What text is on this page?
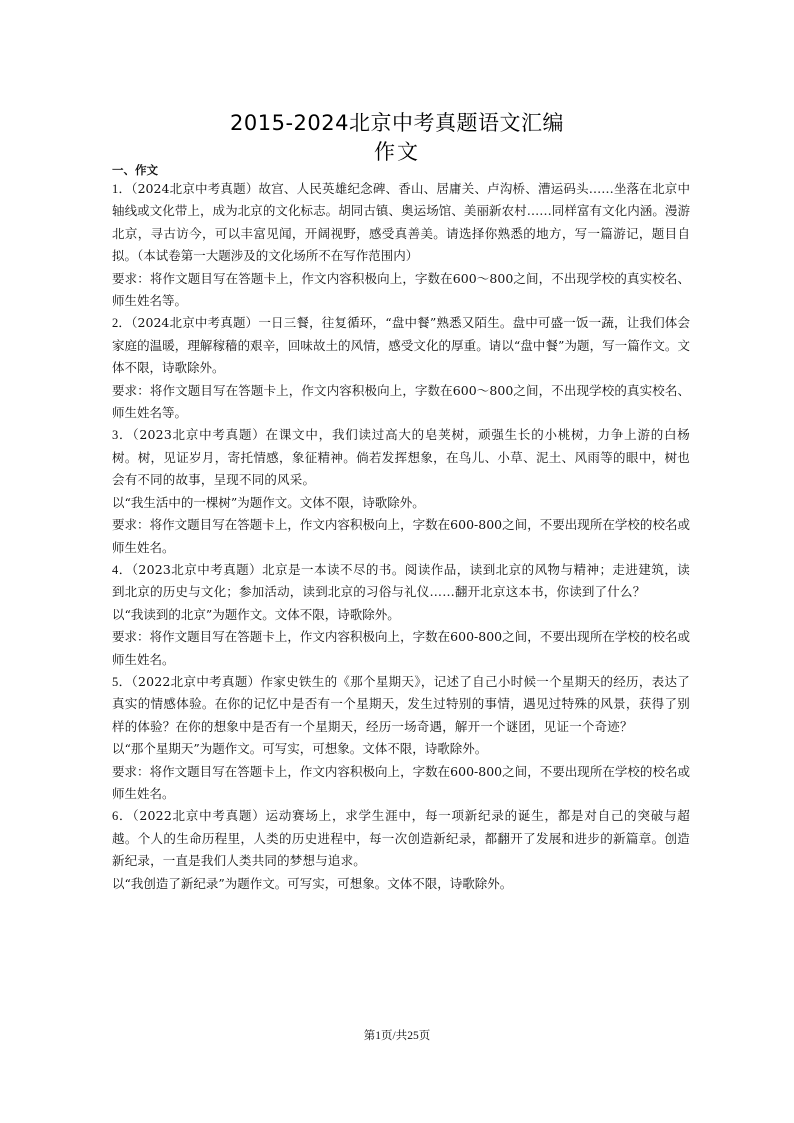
2015-2024北京中考真题语文汇编
作文
一、作文

1．（2024北京中考真题）故宫、人民英雄纪念碑、香山、居庸关、卢沟桥、漕运码头……坐落在北京中轴线或文化带上，成为北京的文化标志。胡同古镇、奥运场馆、美丽新农村……同样富有文化内涵。漫游北京，寻古访今，可以丰富见闻，开阔视野，感受真善美。请选择你熟悉的地方，写一篇游记，题目自拟。（本试卷第一大题涉及的文化场所不在写作范围内）

要求：将作文题目写在答题卡上，作文内容积极向上，字数在600～800之间，不出现学校的真实校名、师生姓名等。

2．（2024北京中考真题）一日三餐，往复循环，“盘中餐”熟悉又陌生。盘中可盛一饭一蔬，让我们体会家庭的温暖，理解稼穑的艰辛，回味故土的风情，感受文化的厚重。请以“盘中餐”为题，写一篇作文。文体不限，诗歌除外。

要求：将作文题目写在答题卡上，作文内容积极向上，字数在600～800之间，不出现学校的真实校名、师生姓名等。

3．（2023北京中考真题）在课文中，我们读过高大的皂荚树，顽强生长的小桃树，力争上游的白杨树。树，见证岁月，寄托情感，象征精神。倘若发挥想象，在鸟儿、小草、泥土、风雨等的眼中，树也会有不同的故事，呈现不同的风采。

以“我生活中的一棵树”为题作文。文体不限，诗歌除外。

要求：将作文题目写在答题卡上，作文内容积极向上，字数在600-800之间，不要出现所在学校的校名或师生姓名。

4．（2023北京中考真题）北京是一本读不尽的书。阅读作品，读到北京的风物与精神；走进建筑，读到北京的历史与文化；参加活动，读到北京的习俗与礼仪……翻开北京这本书，你读到了什么？

以“我读到的北京”为题作文。文体不限，诗歌除外。

要求：将作文题目写在答题卡上，作文内容积极向上，字数在600-800之间，不要出现所在学校的校名或师生姓名。

5．（2022北京中考真题）作家史铁生的《那个星期天》，记述了自己小时候一个星期天的经历，表达了真实的情感体验。在你的记忆中是否有一个星期天，发生过特别的事情，遇见过特殊的风景，获得了别样的体验？在你的想象中是否有一个星期天，经历一场奇遇，解开一个谜团，见证一个奇迹？

以“那个星期天”为题作文。可写实，可想象。文体不限，诗歌除外。

要求：将作文题目写在答题卡上，作文内容积极向上，字数在600-800之间，不要出现所在学校的校名或师生姓名。

6．（2022北京中考真题）运动赛场上，求学生涯中，每一项新纪录的诞生，都是对自己的突破与超越。个人的生命历程里，人类的历史进程中，每一次创造新纪录，都翻开了发展和进步的新篇章。创造新纪录，一直是我们人类共同的梦想与追求。

以“我创造了新纪录”为题作文。可写实，可想象。文体不限，诗歌除外。

第1页/共25页
